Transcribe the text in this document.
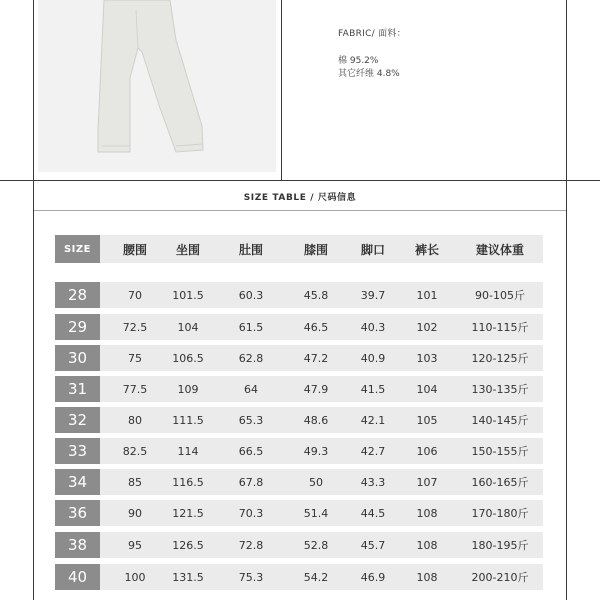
FABRIC/ 面料：
棉 95.2%
其它纤维 4.8%
SIZE TABLE / 尺码信息
SIZE	腰围	坐围	肚围	膝围	脚口	裤长	建议体重
28	70	101.5	60.3	45.8	39.7	101	90-105斤
29	72.5	104	61.5	46.5	40.3	102	110-115斤
30	75	106.5	62.8	47.2	40.9	103	120-125斤
31	77.5	109	64	47.9	41.5	104	130-135斤
32	80	111.5	65.3	48.6	42.1	105	140-145斤
33	82.5	114	66.5	49.3	42.7	106	150-155斤
34	85	116.5	67.8	50	43.3	107	160-165斤
36	90	121.5	70.3	51.4	44.5	108	170-180斤
38	95	126.5	72.8	52.8	45.7	108	180-195斤
40	100	131.5	75.3	54.2	46.9	108	200-210斤
